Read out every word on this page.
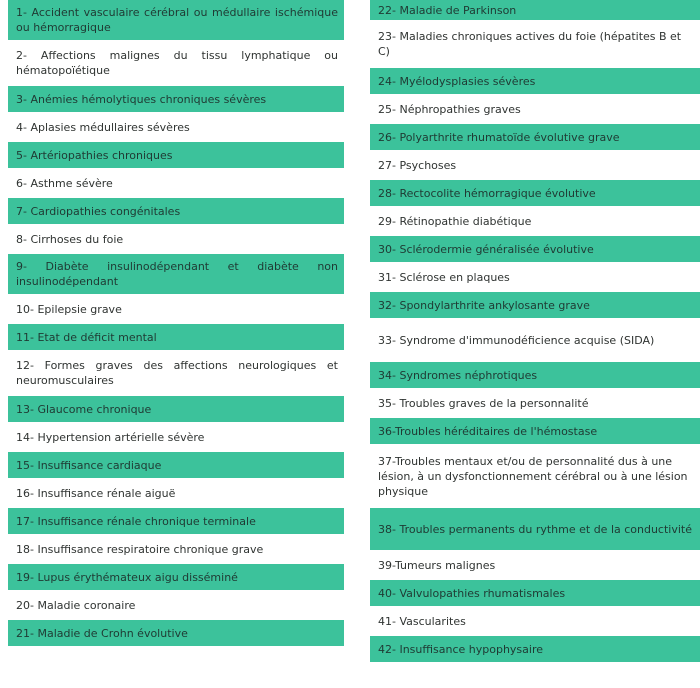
1- Accident vasculaire cérébral ou médullaire ischémique ou hémorragique
2- Affections malignes du tissu lymphatique ou hématopoïétique
3- Anémies hémolytiques chroniques sévères
4- Aplasies médullaires sévères
5- Artériopathies chroniques
6- Asthme sévère
7- Cardiopathies congénitales
8- Cirrhoses du foie
9- Diabète insulinodépendant et diabète non insulinodépendant
10- Epilepsie grave
11- Etat de déficit mental
12- Formes graves des affections neurologiques et neuromusculaires
13- Glaucome chronique
14- Hypertension artérielle sévère
15- Insuffisance cardiaque
16- Insuffisance rénale aiguë
17- Insuffisance rénale chronique terminale
18- Insuffisance respiratoire chronique grave
19- Lupus érythémateux aigu disséminé
20- Maladie coronaire
21- Maladie de Crohn évolutive
22- Maladie de Parkinson
23- Maladies chroniques actives du foie (hépatites B et C)
24- Myélodysplasies sévères
25- Néphropathies graves
26- Polyarthrite rhumatoïde évolutive grave
27- Psychoses
28- Rectocolite hémorragique évolutive
29- Rétinopathie diabétique
30- Sclérodermie généralisée évolutive
31- Sclérose en plaques
32- Spondylarthrite ankylosante grave
33- Syndrome d'immunodéficience acquise (SIDA)
34- Syndromes néphrotiques
35- Troubles graves de la personnalité
36-Troubles héréditaires de l'hémostase
37-Troubles mentaux et/ou de personnalité dus à une lésion, à un dysfonctionnement cérébral ou à une lésion physique
38- Troubles permanents du rythme et de la conductivité
39-Tumeurs malignes
40- Valvulopathies rhumatismales
41- Vascularites
42- Insuffisance hypophysaire
